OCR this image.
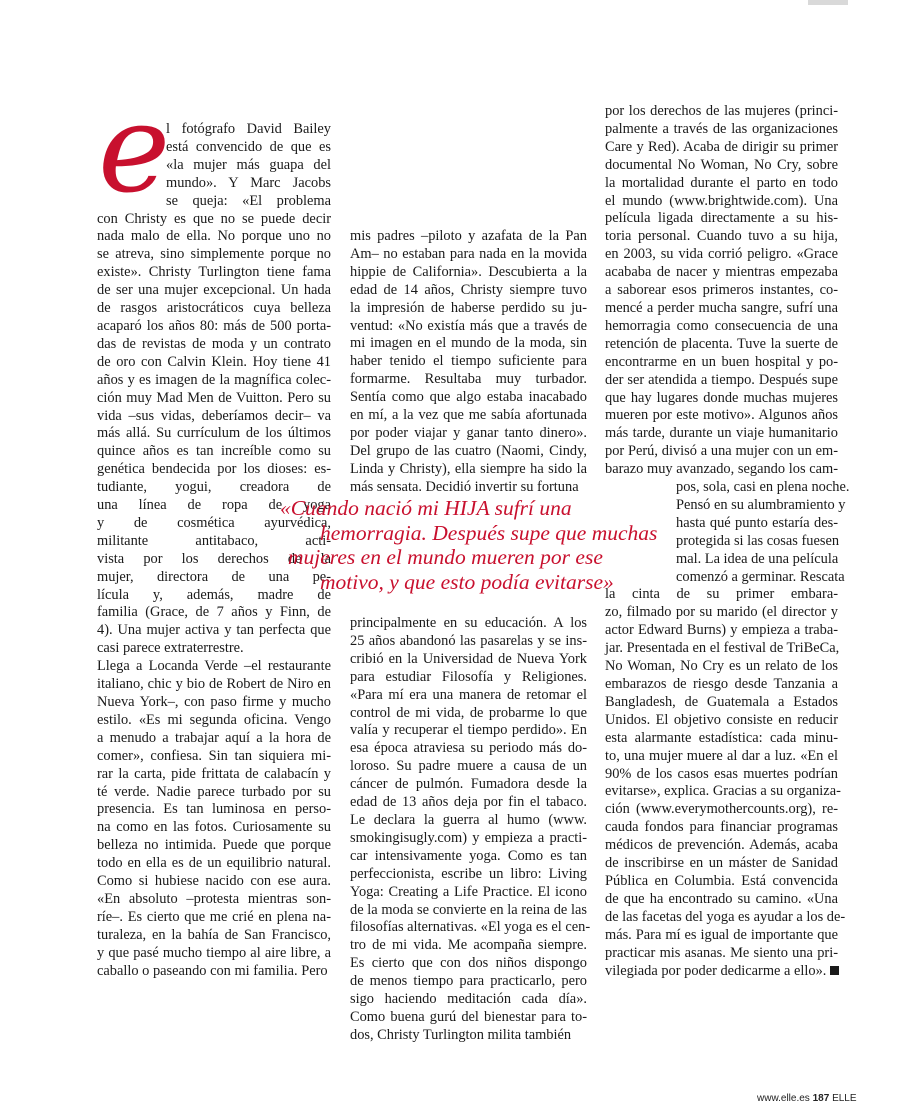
e

l fotógrafo David Bailey

está convencido de que es

«la mujer más guapa del

mundo». Y Marc Jacobs

se queja: «El problema

con Christy es que no se puede decir

nada malo de ella. No porque uno no

se atreva, sino simplemente porque no

existe». Christy Turlington tiene fama

de ser una mujer excepcional. Un hada

de rasgos aristocráticos cuya belleza

acaparó los años 80: más de 500 porta-

das de revistas de moda y un contrato

de oro con Calvin Klein. Hoy tiene 41

años y es imagen de la magnífica colec-

ción muy Mad Men de Vuitton. Pero su

vida –sus vidas, deberíamos decir– va

más allá. Su currículum de los últimos

quince años es tan increíble como su

genética bendecida por los dioses: es-

tudiante, yogui, creadora de

una línea de ropa de yoga

y de cosmética ayurvédica,

militante antitabaco, acti-

vista por los derechos de la

mujer, directora de una pe-

lícula y, además, madre de

familia (Grace, de 7 años y Finn, de

4). Una mujer activa y tan perfecta que

casi parece extraterrestre.

Llega a Locanda Verde –el restaurante

italiano, chic y bio de Robert de Niro en

Nueva York–, con paso firme y mucho

estilo. «Es mi segunda oficina. Vengo

a menudo a trabajar aquí a la hora de

comer», confiesa. Sin tan siquiera mi-

rar la carta, pide frittata de calabacín y

té verde. Nadie parece turbado por su

presencia. Es tan luminosa en perso-

na como en las fotos. Curiosamente su

belleza no intimida. Puede que porque

todo en ella es de un equilibrio natural.

Como si hubiese nacido con ese aura.

«En absoluto –protesta mientras son-

ríe–. Es cierto que me crié en plena na-

turaleza, en la bahía de San Francisco,

y que pasé mucho tiempo al aire libre, a

caballo o paseando con mi familia. Pero

mis padres –piloto y azafata de la Pan

Am– no estaban para nada en la movida

hippie de California». Descubierta a la

edad de 14 años, Christy siempre tuvo

la impresión de haberse perdido su ju-

ventud: «No existía más que a través de

mi imagen en el mundo de la moda, sin

haber tenido el tiempo suficiente para

formarme. Resultaba muy turbador.

Sentía como que algo estaba inacabado

en mí, a la vez que me sabía afortunada

por poder viajar y ganar tanto dinero».

Del grupo de las cuatro (Naomi, Cindy,

Linda y Christy), ella siempre ha sido la

más sensata. Decidió invertir su fortuna

principalmente en su educación. A los

25 años abandonó las pasarelas y se ins-

cribió en la Universidad de Nueva York

para estudiar Filosofía y Religiones.

«Para mí era una manera de retomar el

control de mi vida, de probarme lo que

valía y recuperar el tiempo perdido». En

esa época atraviesa su periodo más do-

loroso. Su padre muere a causa de un

cáncer de pulmón. Fumadora desde la

edad de 13 años deja por fin el tabaco.

Le declara la guerra al humo (www.

smokingisugly.com) y empieza a practi-

car intensivamente yoga. Como es tan

perfeccionista, escribe un libro: Living

Yoga: Creating a Life Practice. El icono

de la moda se convierte en la reina de las

filosofías alternativas. «El yoga es el cen-

tro de mi vida. Me acompaña siempre.

Es cierto que con dos niños dispongo

de menos tiempo para practicarlo, pero

sigo haciendo meditación cada día».

Como buena gurú del bienestar para to-

dos, Christy Turlington milita también

por los derechos de las mujeres (princi-

palmente a través de las organizaciones

Care y Red). Acaba de dirigir su primer

documental No Woman, No Cry, sobre

la mortalidad durante el parto en todo

el mundo (www.brightwide.com). Una

película ligada directamente a su his-

toria personal. Cuando tuvo a su hija,

en 2003, su vida corrió peligro. «Grace

acababa de nacer y mientras empezaba

a saborear esos primeros instantes, co-

mencé a perder mucha sangre, sufrí una

hemorragia como consecuencia de una

retención de placenta. Tuve la suerte de

encontrarme en un buen hospital y po-

der ser atendida a tiempo. Después supe

que hay lugares donde muchas mujeres

mueren por este motivo». Algunos años

más tarde, durante un viaje humanitario

por Perú, divisó a una mujer con un em-

barazo muy avanzado, segando los cam-

pos, sola, casi en plena noche.

Pensó en su alumbramiento y

hasta qué punto estaría des-

protegida si las cosas fuesen

mal. La idea de una película

comenzó a germinar. Rescata

la cinta de su primer embara-

zo, filmado por su marido (el director y

actor Edward Burns) y empieza a traba-

jar. Presentada en el festival de TriBeCa,

No Woman, No Cry es un relato de los

embarazos de riesgo desde Tanzania a

Bangladesh, de Guatemala a Estados

Unidos. El objetivo consiste en reducir

esta alarmante estadística: cada minu-

to, una mujer muere al dar a luz. «En el

90% de los casos esas muertes podrían

evitarse», explica. Gracias a su organiza-

ción (www.everymothercounts.org), re-

cauda fondos para financiar programas

médicos de prevención. Además, acaba

de inscribirse en un máster de Sanidad

Pública en Columbia. Está convencida

de que ha encontrado su camino. «Una

de las facetas del yoga es ayudar a los de-

más. Para mí es igual de importante que

practicar mis asanas. Me siento una pri-

vilegiada por poder dedicarme a ello».

«Cuando nació mi HIJA sufrí una

hemorragia. Después supe que muchas

mujeres en el mundo mueren por ese

motivo, y que esto podía evitarse»

www.elle.es 187 ELLE
